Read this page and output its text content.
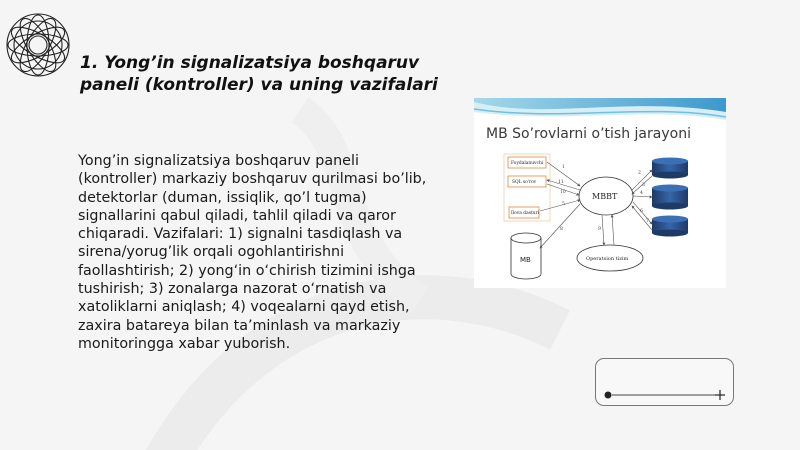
1. Yong’in signalizatsiya boshqaruv paneli (kontroller) va uning vazifalari

Yong’in signalizatsiya boshqaruv paneli (kontroller) markaziy boshqaruv qurilmasi bo’lib, detektorlar (duman, issiqlik, qo’l tugma) signallarini qabul qiladi, tahlil qiladi va qaror chiqaradi. Vazifalari: 1) signalni tasdiqlash va sirena/yorug’lik orqali ogohlantirishni faollashtirish; 2) yong‘in o‘chirish tizimini ishga tushirish; 3) zonalarga nazorat o‘rnatish va xatoliklarni aniqlash; 4) voqealarni qayd etish, zaxira batareya bilan ta’minlash va markaziy monitoringga xabar yuborish.

MB So’rovlarni o’tish jarayoni
Foydalanuvchi
SQL so'rov
Ilova dasturi
MB
MBBT
Operatsion tizim
1
11
10
5
2
3
4
6
7
8	9
